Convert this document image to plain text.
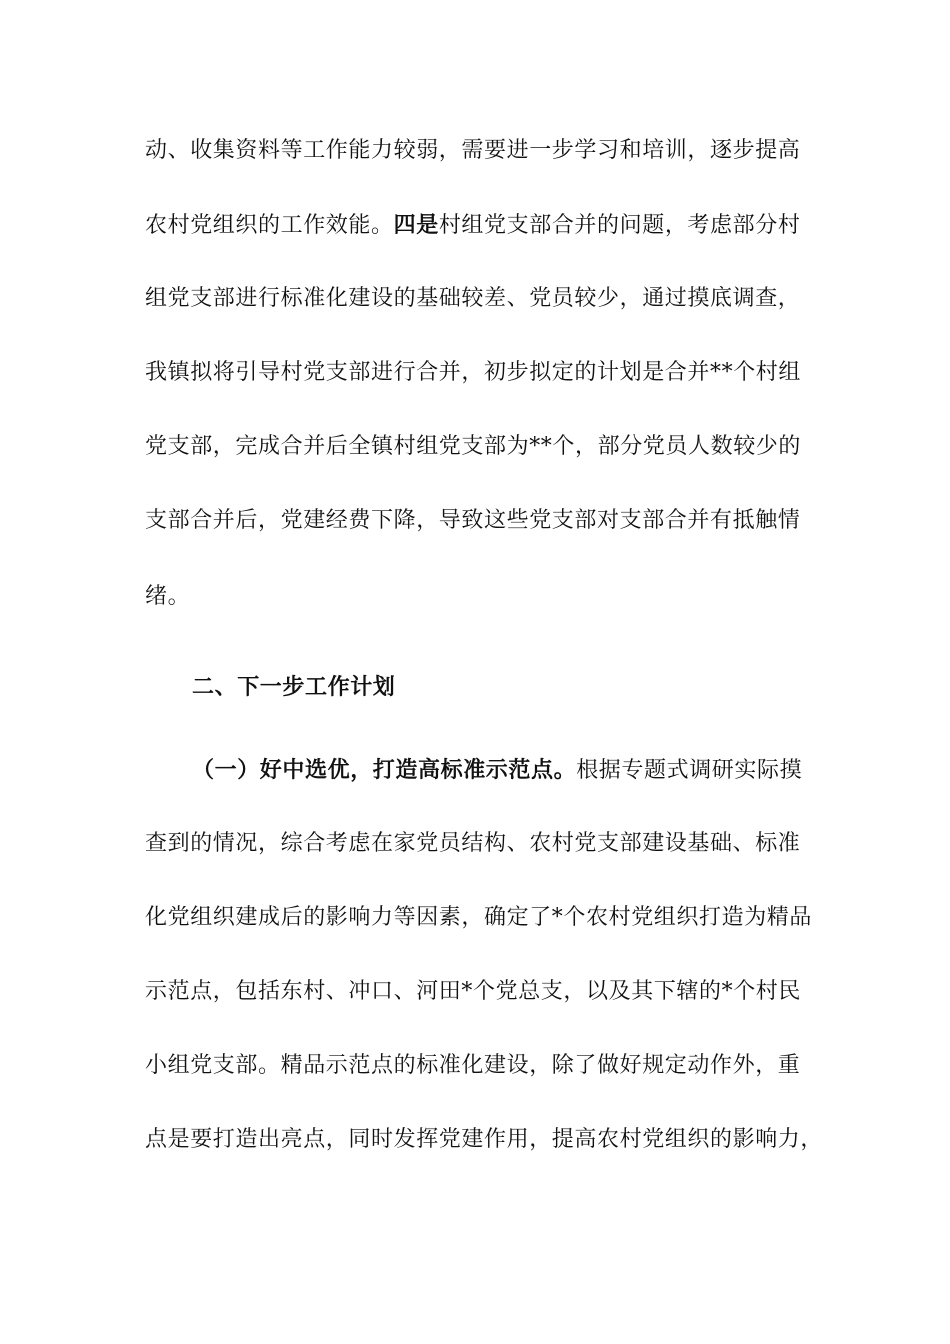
动、收集资料等工作能力较弱，需要进一步学习和培训，逐步提高
农村党组织的工作效能。四是村组党支部合并的问题，考虑部分村
组党支部进行标准化建设的基础较差、党员较少，通过摸底调查，
我镇拟将引导村党支部进行合并，初步拟定的计划是合并**个村组
党支部，完成合并后全镇村组党支部为**个，部分党员人数较少的
支部合并后，党建经费下降，导致这些党支部对支部合并有抵触情
绪。
二、下一步工作计划
（一）好中选优，打造高标准示范点。根据专题式调研实际摸
查到的情况，综合考虑在家党员结构、农村党支部建设基础、标准
化党组织建成后的影响力等因素，确定了*个农村党组织打造为精品
示范点，包括东村、冲口、河田*个党总支，以及其下辖的*个村民
小组党支部。精品示范点的标准化建设，除了做好规定动作外，重
点是要打造出亮点，同时发挥党建作用，提高农村党组织的影响力，
